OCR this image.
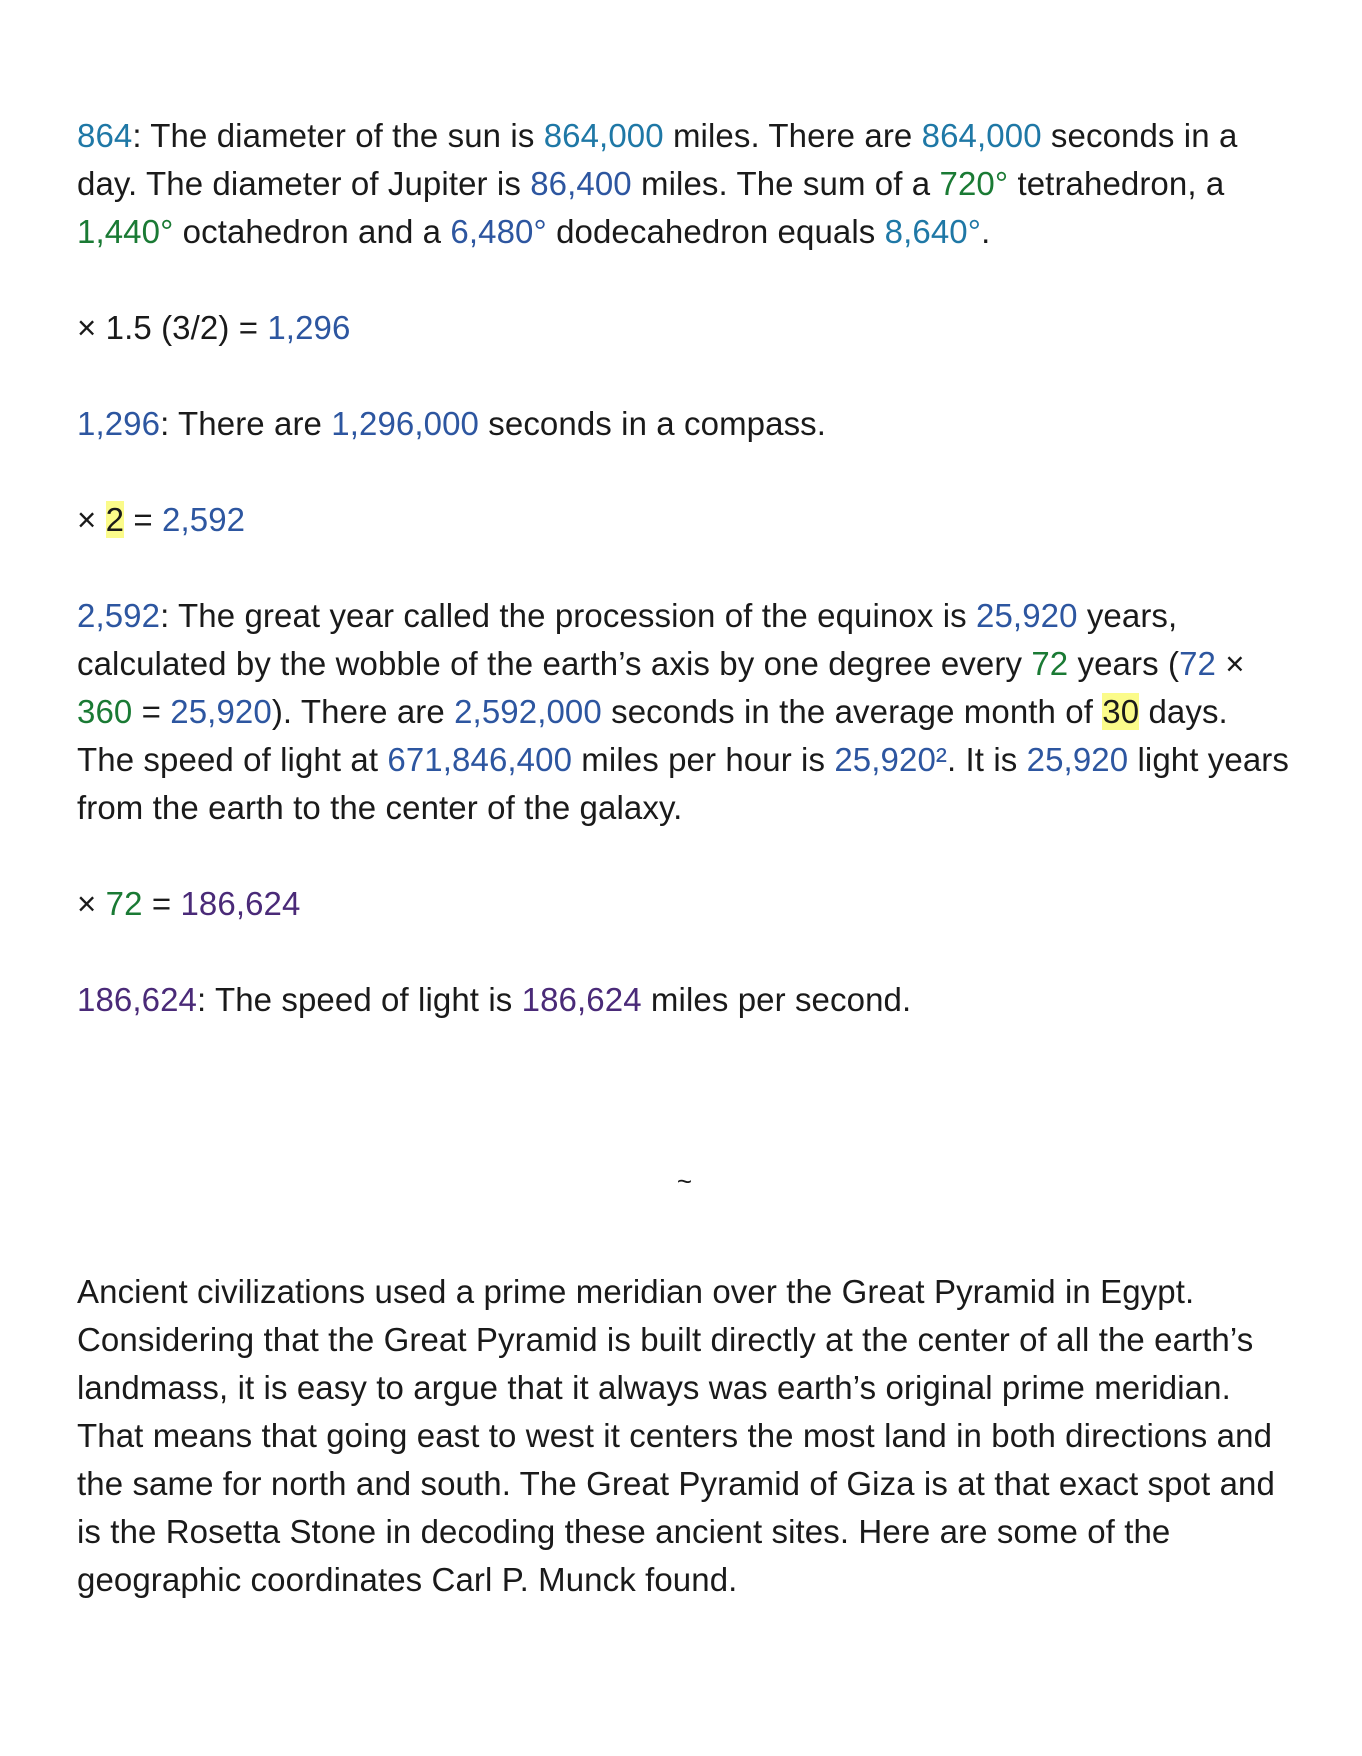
864: The diameter of the sun is 864,000 miles. There are 864,000 seconds in a day. The diameter of Jupiter is 86,400 miles. The sum of a 720° tetrahedron, a 1,440° octahedron and a 6,480° dodecahedron equals 8,640°.

× 1.5 (3/2) = 1,296

1,296: There are 1,296,000 seconds in a compass.

× 2 = 2,592

2,592: The great year called the procession of the equinox is 25,920 years, calculated by the wobble of the earth’s axis by one degree every 72 years (72 × 360 = 25,920). There are 2,592,000 seconds in the average month of 30 days. The speed of light at 671,846,400 miles per hour is 25,920². It is 25,920 light years from the earth to the center of the galaxy.

× 72 = 186,624

186,624: The speed of light is 186,624 miles per second.

~

Ancient civilizations used a prime meridian over the Great Pyramid in Egypt. Considering that the Great Pyramid is built directly at the center of all the earth’s landmass, it is easy to argue that it always was earth’s original prime meridian. That means that going east to west it centers the most land in both directions and the same for north and south. The Great Pyramid of Giza is at that exact spot and is the Rosetta Stone in decoding these ancient sites. Here are some of the geographic coordinates Carl P. Munck found.
